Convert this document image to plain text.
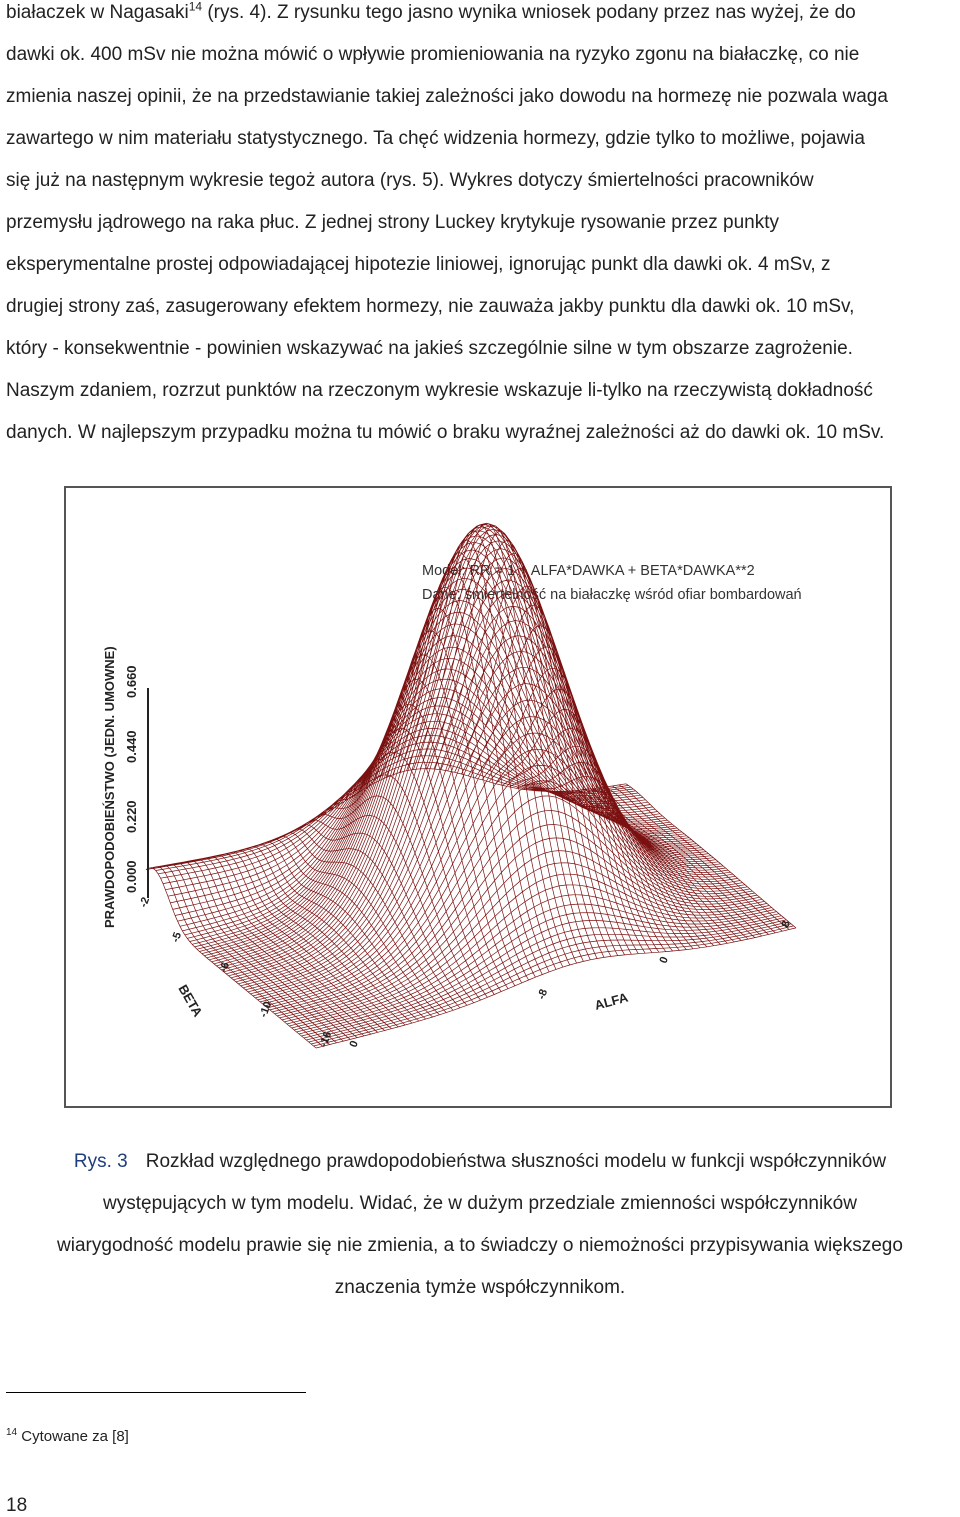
białaczek w Nagasaki$^{14}$ (rys. 4). Z rysunku tego jasno wynika wniosek podany przez nas wyżej, że do
dawki ok. 400 mSv nie można mówić o wpływie promieniowania na ryzyko zgonu na białaczkę, co nie
zmienia naszej opinii, że na przedstawianie takiej zależności jako dowodu na hormezę nie pozwala waga
zawartego w nim materiału statystycznego. Ta chęć widzenia hormezy, gdzie tylko to możliwe, pojawia
się już na następnym wykresie tegoż autora (rys. 5). Wykres dotyczy śmiertelności pracowników
przemysłu jądrowego na raka płuc. Z jednej strony Luckey krytykuje rysowanie przez punkty
eksperymentalne prostej odpowiadającej hipotezie liniowej, ignorując punkt dla dawki ok. 4 mSv, z
drugiej strony zaś, zasugerowany efektem hormezy, nie zauważa jakby punktu dla dawki ok. 10 mSv,
który - konsekwentnie - powinien wskazywać na jakieś szczególnie silne w tym obszarze zagrożenie.
Naszym zdaniem, rozrzut punktów na rzeczonym wykresie wskazuje li-tylko na rzeczywistą dokładność
danych. W najlepszym przypadku można tu mówić o braku wyraźnej zależności aż do dawki ok. 10 mSv.
Model: RR = 1 + ALFA*DAWKA + BETA*DAWKA**2
Dane: śmiertelność na białaczkę wśród ofiar bombardowań
0.000
0.220
0.440
0.660
PRAWDOPODOBIEŃSTWO (JEDN. UMOWNE) -2
-5
-6
-10
-16 0
BETA	-8
0
8
ALFA
Rys. 3 Rozkład względnego prawdopodobieństwa słuszności modelu w funkcji współczynników
występujących w tym modelu. Widać, że w dużym przedziale zmienności współczynników
wiarygodność modelu prawie się nie zmienia, a to świadczy o niemożności przypisywania większego
znaczenia tymże współczynnikom.

$^{14}$ Cytowane za [8]

18
